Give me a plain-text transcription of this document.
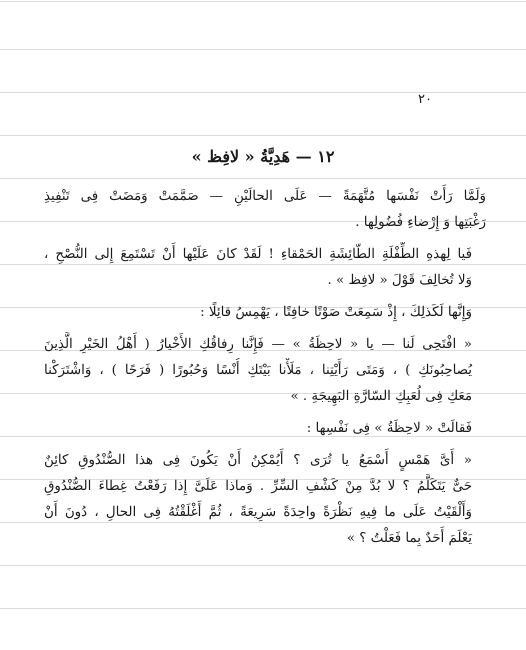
٢٠
١٢ — هَدِيَّةُ « لافِظ »

وَلَمَّا رَأَتْ نَفْسَها مُتَّهَمَةً — عَلَى الحالَيْنِ — صَمَّمَتْ وَمَضَتْ فِى تَنْفِيذِ
رَغْبَتِها وَ إِرْضاءِ فُضُولِها .

فَيا لِهذهِ الطِّفْلَةِ الطّائِشَةِ الحَمْقاءِ ! لَقَدْ كانَ عَلَيْها أَنْ تَسْتَمِعَ إِلى النُّصْحِ ،
وَلا تُخالِفَ قَوْلَ « لافِظ » .

وَإِنَّها لَكَذلِكَ ، إِذْ سَمِعَتْ صَوْتًا خافِتًا ، يَهْمِسُ قائِلًا :

« افْتَحِى لَنا — يا « لاحِظَةُ » — فَإِنَّنا رِفاقُكِ الأَخْيارُ ( أَهْلُ الخَيْرِ الَّذِينَ
يُصاحِبُونَكِ ) ، وَمَتَى رَأَيْتِنا ، مَلَأْنا بَيْتَكِ أُنْسًا وَحُبُورًا ( فَرَحًا ) ، وَاشْتَرَكْنا
مَعَكِ فِى لُعَبِكِ السّارَّةِ البَهِيجَةِ . »

فَقالَتْ « لاحِظَةُ » فِى نَفْسِها :

« أَىَّ هَمْسٍ أَسْمَعُ يا تُرَى ؟ أَيُمْكِنُ أَنْ يَكُونَ فِى هذا الصُّنْدُوقِ كائِنٌ
حَىٌّ يَتَكَلَّمُ ؟ لا بُدَّ مِنْ كَشْفِ السِّرِّ . وَماذا عَلَىَّ إِذا رَفَعْتُ غِطاءَ الصُّنْدُوقِ
وَأَلْقَيْتُ عَلَى ما فِيهِ نَظْرَةً واحِدَةً سَرِيعَةً ، ثُمَّ أَغْلَقْتُهُ فِى الحالِ ، دُونَ أَنْ
يَعْلَمَ أَحَدٌ بِما فَعَلْتُ ؟ »
